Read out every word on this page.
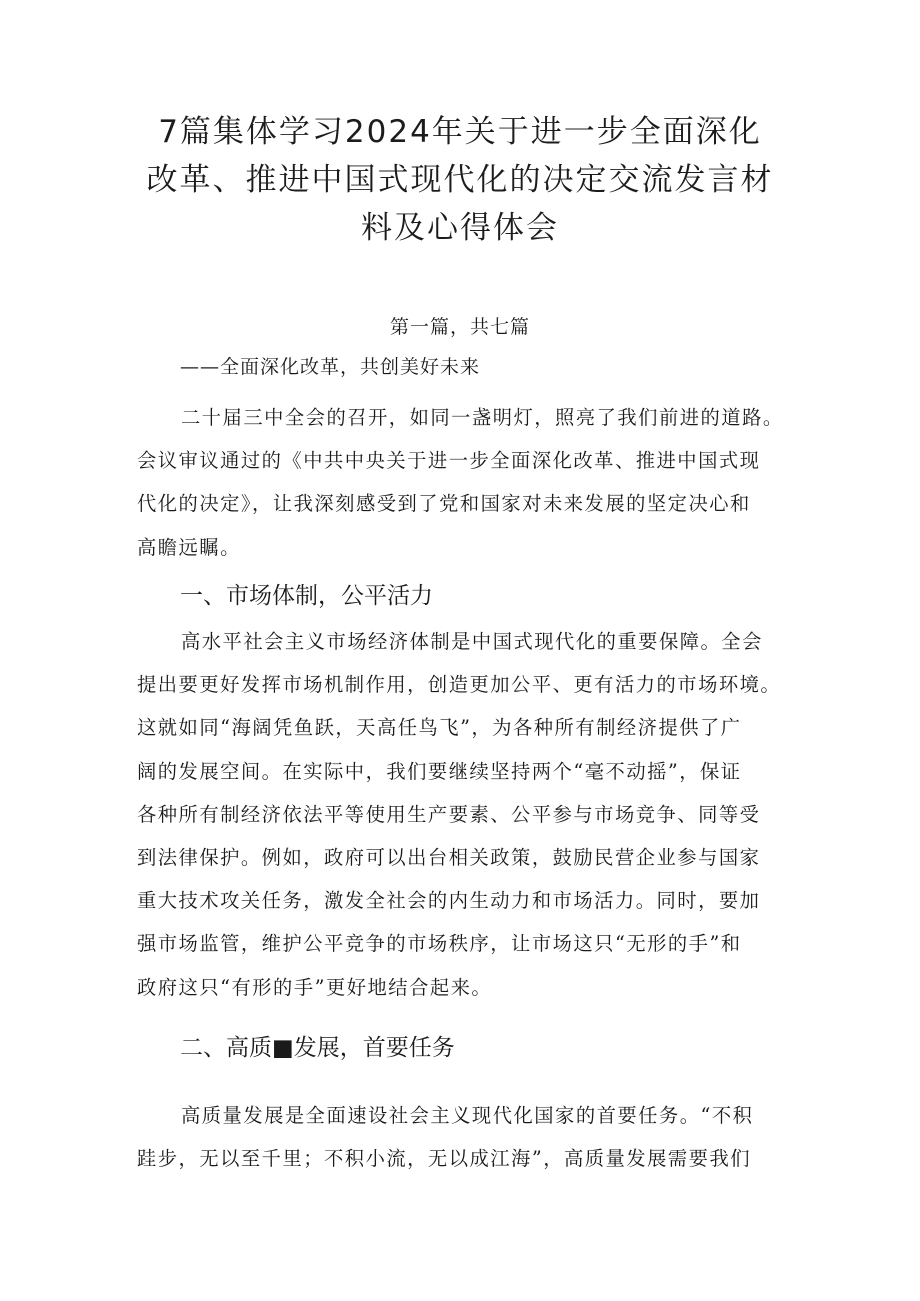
7篇集体学习2024年关于进一步全面深化
改革、推进中国式现代化的决定交流发言材
料及心得体会
第一篇，共七篇
——全面深化改革，共创美好未来
二十届三中全会的召开，如同一盏明灯，照亮了我们前进的道路。
会议审议通过的《中共中央关于进一步全面深化改革、推进中国式现
代化的决定》，让我深刻感受到了党和国家对未来发展的坚定决心和
高瞻远瞩。
一、市场体制，公平活力
高水平社会主义市场经济体制是中国式现代化的重要保障。全会
提出要更好发挥市场机制作用，创造更加公平、更有活力的市场环境。
这就如同“海阔凭鱼跃，天高任鸟飞”，为各种所有制经济提供了广
阔的发展空间。在实际中，我们要继续坚持两个“毫不动摇”，保证
各种所有制经济依法平等使用生产要素、公平参与市场竞争、同等受
到法律保护。例如，政府可以出台相关政策，鼓励民营企业参与国家
重大技术攻关任务，激发全社会的内生动力和市场活力。同时，要加
强市场监管，维护公平竞争的市场秩序，让市场这只“无形的手”和
政府这只“有形的手”更好地结合起来。
二、高质■发展，首要任务
高质量发展是全面速设社会主义现代化国家的首要任务。“不积
跬步，无以至千里；不积小流，无以成江海”，高质量发展需要我们
